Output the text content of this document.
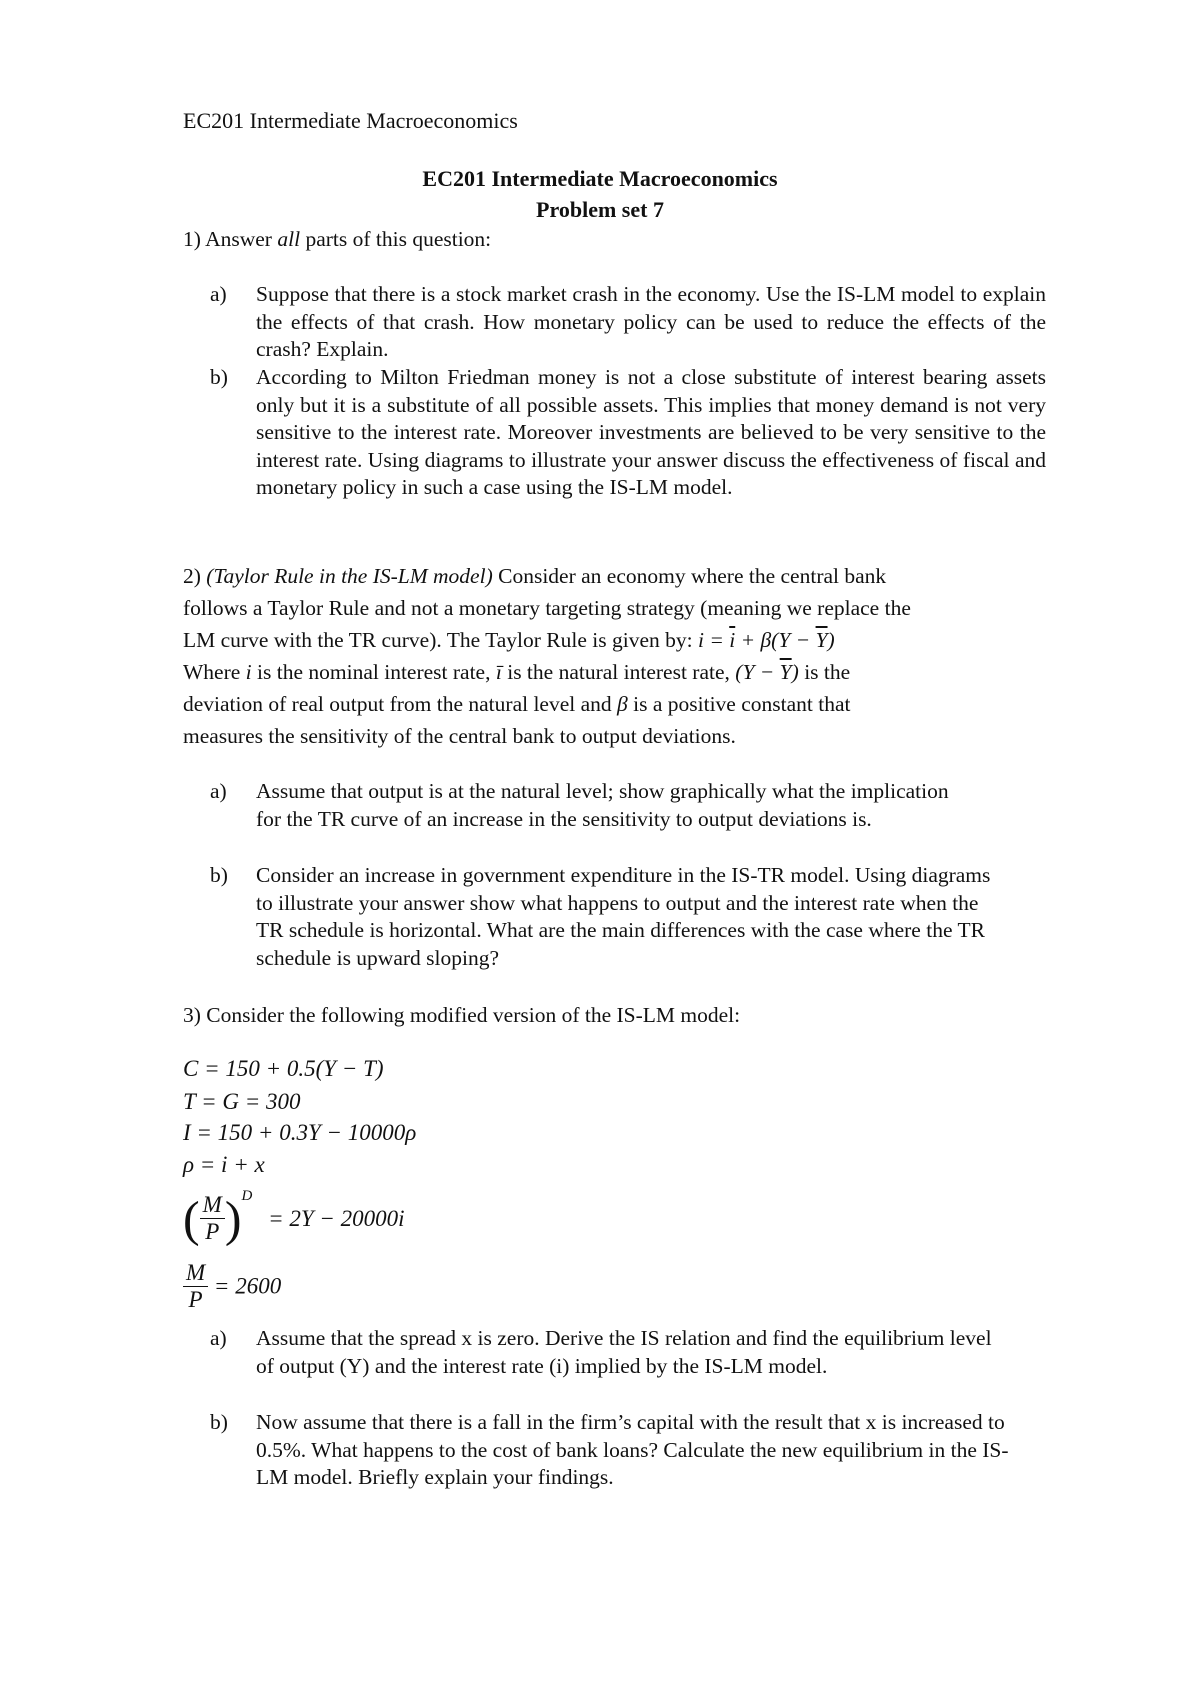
EC201 Intermediate Macroeconomics
EC201 Intermediate Macroeconomics
Problem set 7
1) Answer all parts of this question:
a) Suppose that there is a stock market crash in the economy. Use the IS-LM model to explain the effects of that crash. How monetary policy can be used to reduce the effects of the crash? Explain.
b) According to Milton Friedman money is not a close substitute of interest bearing assets only but it is a substitute of all possible assets. This implies that money demand is not very sensitive to the interest rate. Moreover investments are believed to be very sensitive to the interest rate. Using diagrams to illustrate your answer discuss the effectiveness of fiscal and monetary policy in such a case using the IS-LM model.
2) (Taylor Rule in the IS-LM model) Consider an economy where the central bank
follows a Taylor Rule and not a monetary targeting strategy (meaning we replace the
LM curve with the TR curve). The Taylor Rule is given by: $i = \overline{i} + \beta(Y - \overline{Y})$
Where i is the nominal interest rate, ī is the natural interest rate, $(Y - \overline{Y})$ is the
deviation of real output from the natural level and β is a positive constant that
measures the sensitivity of the central bank to output deviations.
a) Assume that output is at the natural level; show graphically what the implication for the TR curve of an increase in the sensitivity to output deviations is.
b) Consider an increase in government expenditure in the IS-TR model. Using diagrams to illustrate your answer show what happens to output and the interest rate when the TR schedule is horizontal. What are the main differences with the case where the TR schedule is upward sloping?
3) Consider the following modified version of the IS-LM model:
C = 150 + 0.5(Y − T)
T = G = 300
I = 150 + 0.3Y − 10000ρ
ρ = i + x
( $\frac{M}{P} )^D = 2Y - 20000i$
$\frac{M}{P} = 2600$
a) Assume that the spread x is zero. Derive the IS relation and find the equilibrium level of output (Y) and the interest rate (i) implied by the IS-LM model.
b) Now assume that there is a fall in the firm’s capital with the result that x is increased to 0.5%. What happens to the cost of bank loans? Calculate the new equilibrium in the IS-LM model. Briefly explain your findings.
